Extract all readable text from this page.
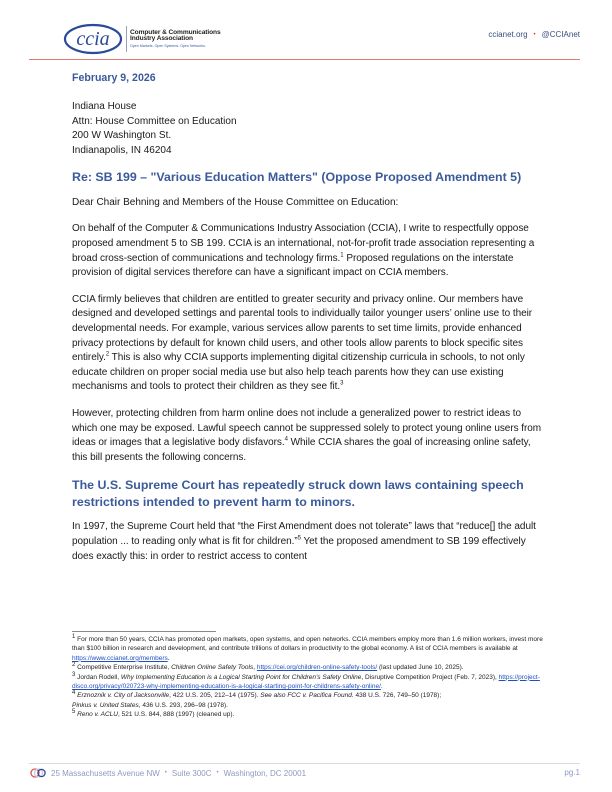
ccia	Computer & Communications
Industry Association
Open Markets. Open Systems. Open Networks.
ccianet.org • @CCIAnet
February 9, 2026
Indiana House
Attn: House Committee on Education
200 W Washington St.
Indianapolis, IN 46204
Re: SB 199 – "Various Education Matters" (Oppose Proposed Amendment 5)
Dear Chair Behning and Members of the House Committee on Education:

On behalf of the Computer & Communications Industry Association (CCIA), I write to respectfully oppose proposed amendment 5 to SB 199. CCIA is an international, not-for-profit trade association representing a broad cross-section of communications and technology firms.$^1$ Proposed regulations on the interstate provision of digital services therefore can have a significant impact on CCIA members.

CCIA firmly believes that children are entitled to greater security and privacy online. Our members have designed and developed settings and parental tools to individually tailor younger users’ online use to their developmental needs. For example, various services allow parents to set time limits, provide enhanced privacy protections by default for known child users, and other tools allow parents to block specific sites entirely.$^2$ This is also why CCIA supports implementing digital citizenship curricula in schools, to not only educate children on proper social media use but also help teach parents how they can use existing mechanisms and tools to protect their children as they see fit.$^3$

However, protecting children from harm online does not include a generalized power to restrict ideas to which one may be exposed. Lawful speech cannot be suppressed solely to protect young online users from ideas or images that a legislative body disfavors.$^4$ While CCIA shares the goal of increasing online safety, this bill presents the following concerns.

The U.S. Supreme Court has repeatedly struck down laws containing speech restrictions intended to prevent harm to minors.

In 1997, the Supreme Court held that “the First Amendment does not tolerate” laws that “reduce[] the adult population ... to reading only what is fit for children.”$^5$ Yet the proposed amendment to SB 199 effectively does exactly this: in order to restrict access to content

$^1$ For more than 50 years, CCIA has promoted open markets, open systems, and open networks. CCIA members employ more than 1.6 million workers, invest more than $100 billion in research and development, and contribute trillions of dollars in productivity to the global economy. A list of CCIA members is available at https://www.ccianet.org/members.
$^2$ Competitive Enterprise Institute, Children Online Safety Tools, https://cei.org/children-online-safety-tools/ (last updated June 10, 2025).
$^3$ Jordan Rodell, Why Implementing Education is a Logical Starting Point for Children’s Safety Online, Disruptive Competition Project (Feb. 7, 2023), https://project-disco.org/privacy/020723-why-implementing-education-is-a-logical-starting-point-for-childrens-safety-online/.
$^4$ Erznoznik v. City of Jacksonville, 422 U.S. 205, 212–14 (1975). See also FCC v. Pacifica Found. 438 U.S. 726, 749–50 (1978);
Pinkus v. United States, 436 U.S. 293, 296–98 (1978).
$^5$ Reno v. ACLU, 521 U.S. 844, 888 (1997) (cleaned up).
25 Massachusetts Avenue NW • Suite 300C • Washington, DC 20001	pg.1
